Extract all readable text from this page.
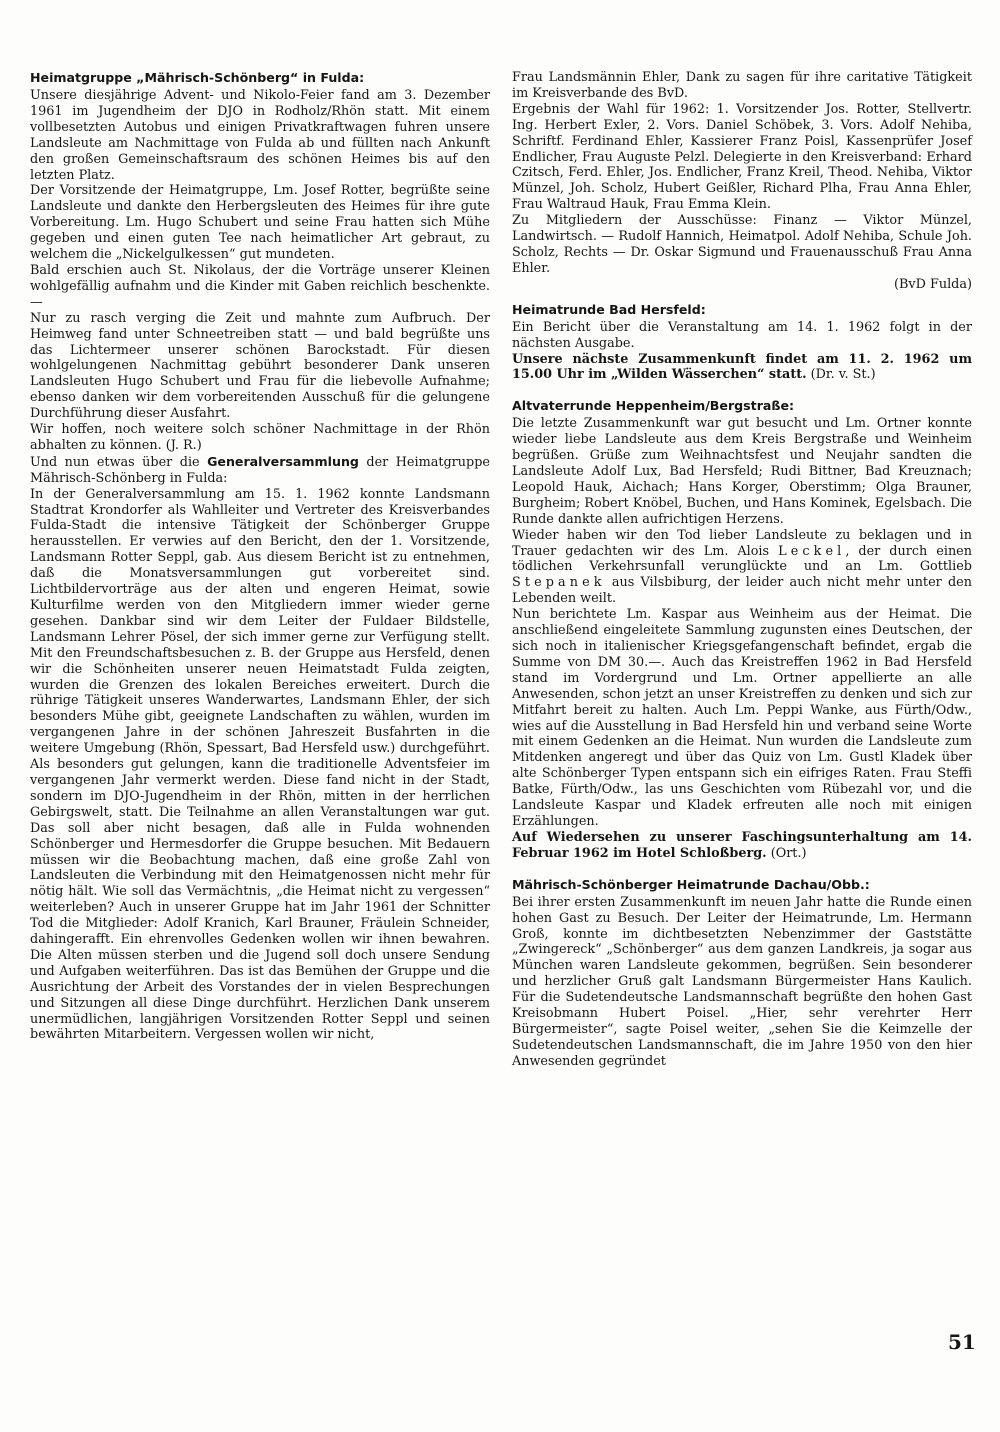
Heimatgruppe „Mährisch-Schönberg“ in Fulda:

Unsere diesjährige Advent- und Nikolo-Feier fand am 3. Dezember 1961 im Jugendheim der DJO in Rodholz/Rhön statt. Mit einem vollbesetzten Autobus und einigen Privatkraftwagen fuhren unsere Landsleute am Nachmittage von Fulda ab und füllten nach Ankunft den großen Gemeinschaftsraum des schönen Heimes bis auf den letzten Platz.

Der Vorsitzende der Heimatgruppe, Lm. Josef Rotter, begrüßte seine Landsleute und dankte den Herbergsleuten des Heimes für ihre gute Vorbereitung. Lm. Hugo Schubert und seine Frau hatten sich Mühe gegeben und einen guten Tee nach heimatlicher Art gebraut, zu welchem die „Nickelgulkessen“ gut mundeten.

Bald erschien auch St. Nikolaus, der die Vorträge unserer Kleinen wohlgefällig aufnahm und die Kinder mit Gaben reichlich beschenkte. —

Nur zu rasch verging die Zeit und mahnte zum Aufbruch. Der Heimweg fand unter Schneetreiben statt — und bald begrüßte uns das Lichtermeer unserer schönen Barockstadt. Für diesen wohlgelungenen Nachmittag gebührt besonderer Dank unseren Landsleuten Hugo Schubert und Frau für die liebevolle Aufnahme; ebenso danken wir dem vorbereitenden Ausschuß für die gelungene Durchführung dieser Ausfahrt.

Wir hoffen, noch weitere solch schöner Nachmittage in der Rhön abhalten zu können. (J. R.)

Und nun etwas über die Generalversammlung der Heimatgruppe Mährisch-Schönberg in Fulda:

In der Generalversammlung am 15. 1. 1962 konnte Landsmann Stadtrat Krondorfer als Wahlleiter und Vertreter des Kreisverbandes Fulda-Stadt die intensive Tätigkeit der Schönberger Gruppe herausstellen. Er verwies auf den Bericht, den der 1. Vorsitzende, Landsmann Rotter Seppl, gab. Aus diesem Bericht ist zu entnehmen, daß die Monatsversammlungen gut vorbereitet sind. Lichtbildervorträge aus der alten und engeren Heimat, sowie Kulturfilme werden von den Mitgliedern immer wieder gerne gesehen. Dankbar sind wir dem Leiter der Fuldaer Bildstelle, Landsmann Lehrer Pösel, der sich immer gerne zur Verfügung stellt. Mit den Freundschaftsbesuchen z. B. der Gruppe aus Hersfeld, denen wir die Schönheiten unserer neuen Heimatstadt Fulda zeigten, wurden die Grenzen des lokalen Bereiches erweitert. Durch die rührige Tätigkeit unseres Wanderwartes, Landsmann Ehler, der sich besonders Mühe gibt, geeignete Landschaften zu wählen, wurden im vergangenen Jahre in der schönen Jahreszeit Busfahrten in die weitere Umgebung (Rhön, Spessart, Bad Hersfeld usw.) durchgeführt. Als besonders gut gelungen, kann die traditionelle Adventsfeier im vergangenen Jahr vermerkt werden. Diese fand nicht in der Stadt, sondern im DJO-Jugendheim in der Rhön, mitten in der herrlichen Gebirgswelt, statt. Die Teilnahme an allen Veranstaltungen war gut. Das soll aber nicht besagen, daß alle in Fulda wohnenden Schönberger und Hermesdorfer die Gruppe besuchen. Mit Bedauern müssen wir die Beobachtung machen, daß eine große Zahl von Landsleuten die Verbindung mit den Heimatgenossen nicht mehr für nötig hält. Wie soll das Vermächtnis, „die Heimat nicht zu vergessen“ weiterleben? Auch in unserer Gruppe hat im Jahr 1961 der Schnitter Tod die Mitglieder: Adolf Kranich, Karl Brauner, Fräulein Schneider, dahingerafft. Ein ehrenvolles Gedenken wollen wir ihnen bewahren. Die Alten müssen sterben und die Jugend soll doch unsere Sendung und Aufgaben weiterführen. Das ist das Bemühen der Gruppe und die Ausrichtung der Arbeit des Vorstandes der in vielen Besprechungen und Sitzungen all diese Dinge durchführt. Herzlichen Dank unserem unermüdlichen, langjährigen Vorsitzenden Rotter Seppl und seinen bewährten Mitarbeitern. Vergessen wollen wir nicht,

Frau Landsmännin Ehler, Dank zu sagen für ihre caritative Tätigkeit im Kreisverbande des BvD.

Ergebnis der Wahl für 1962: 1. Vorsitzender Jos. Rotter, Stellvertr. Ing. Herbert Exler, 2. Vors. Daniel Schöbek, 3. Vors. Adolf Nehiba, Schriftf. Ferdinand Ehler, Kassierer Franz Poisl, Kassenprüfer Josef Endlicher, Frau Auguste Pelzl. Delegierte in den Kreisverband: Erhard Czitsch, Ferd. Ehler, Jos. Endlicher, Franz Kreil, Theod. Nehiba, Viktor Münzel, Joh. Scholz, Hubert Geißler, Richard Plha, Frau Anna Ehler, Frau Waltraud Hauk, Frau Emma Klein.

Zu Mitgliedern der Ausschüsse: Finanz — Viktor Münzel, Landwirtsch. — Rudolf Hannich, Heimatpol. Adolf Nehiba, Schule Joh. Scholz, Rechts — Dr. Oskar Sigmund und Frauenausschuß Frau Anna Ehler.

(BvD Fulda)

Heimatrunde Bad Hersfeld:

Ein Bericht über die Veranstaltung am 14. 1. 1962 folgt in der nächsten Ausgabe.

Unsere nächste Zusammenkunft findet am 11. 2. 1962 um 15.00 Uhr im „Wilden Wässerchen“ statt. (Dr. v. St.)

Altvaterrunde Heppenheim/Bergstraße:

Die letzte Zusammenkunft war gut besucht und Lm. Ortner konnte wieder liebe Landsleute aus dem Kreis Bergstraße und Weinheim begrüßen. Grüße zum Weihnachtsfest und Neujahr sandten die Landsleute Adolf Lux, Bad Hersfeld; Rudi Bittner, Bad Kreuznach; Leopold Hauk, Aichach; Hans Korger, Oberstimm; Olga Brauner, Burgheim; Robert Knöbel, Buchen, und Hans Kominek, Egelsbach. Die Runde dankte allen aufrichtigen Herzens.

Wieder haben wir den Tod lieber Landsleute zu beklagen und in Trauer gedachten wir des Lm. Alois Leckel, der durch einen tödlichen Verkehrsunfall verunglückte und an Lm. Gottlieb Stepanek aus Vilsbiburg, der leider auch nicht mehr unter den Lebenden weilt.

Nun berichtete Lm. Kaspar aus Weinheim aus der Heimat. Die anschließend eingeleitete Sammlung zugunsten eines Deutschen, der sich noch in italienischer Kriegsgefangenschaft befindet, ergab die Summe von DM 30.—. Auch das Kreistreffen 1962 in Bad Hersfeld stand im Vordergrund und Lm. Ortner appellierte an alle Anwesenden, schon jetzt an unser Kreistreffen zu denken und sich zur Mitfahrt bereit zu halten. Auch Lm. Peppi Wanke, aus Fürth/Odw., wies auf die Ausstellung in Bad Hersfeld hin und verband seine Worte mit einem Gedenken an die Heimat. Nun wurden die Landsleute zum Mitdenken angeregt und über das Quiz von Lm. Gustl Kladek über alte Schönberger Typen entspann sich ein eifriges Raten. Frau Steffi Batke, Fürth/Odw., las uns Geschichten vom Rübezahl vor, und die Landsleute Kaspar und Kladek erfreuten alle noch mit einigen Erzählungen.

Auf Wiedersehen zu unserer Faschingsunterhaltung am 14. Februar 1962 im Hotel Schloßberg. (Ort.)

Mährisch-Schönberger Heimatrunde Dachau/Obb.:

Bei ihrer ersten Zusammenkunft im neuen Jahr hatte die Runde einen hohen Gast zu Besuch. Der Leiter der Heimatrunde, Lm. Hermann Groß, konnte im dichtbesetzten Nebenzimmer der Gaststätte „Zwingereck“ „Schönberger“ aus dem ganzen Landkreis, ja sogar aus München waren Landsleute gekommen, begrüßen. Sein besonderer und herzlicher Gruß galt Landsmann Bürgermeister Hans Kaulich. Für die Sudetendeutsche Landsmannschaft begrüßte den hohen Gast Kreisobmann Hubert Poisel. „Hier, sehr verehrter Herr Bürgermeister“, sagte Poisel weiter, „sehen Sie die Keimzelle der Sudetendeutschen Landsmannschaft, die im Jahre 1950 von den hier Anwesenden gegründet

51
